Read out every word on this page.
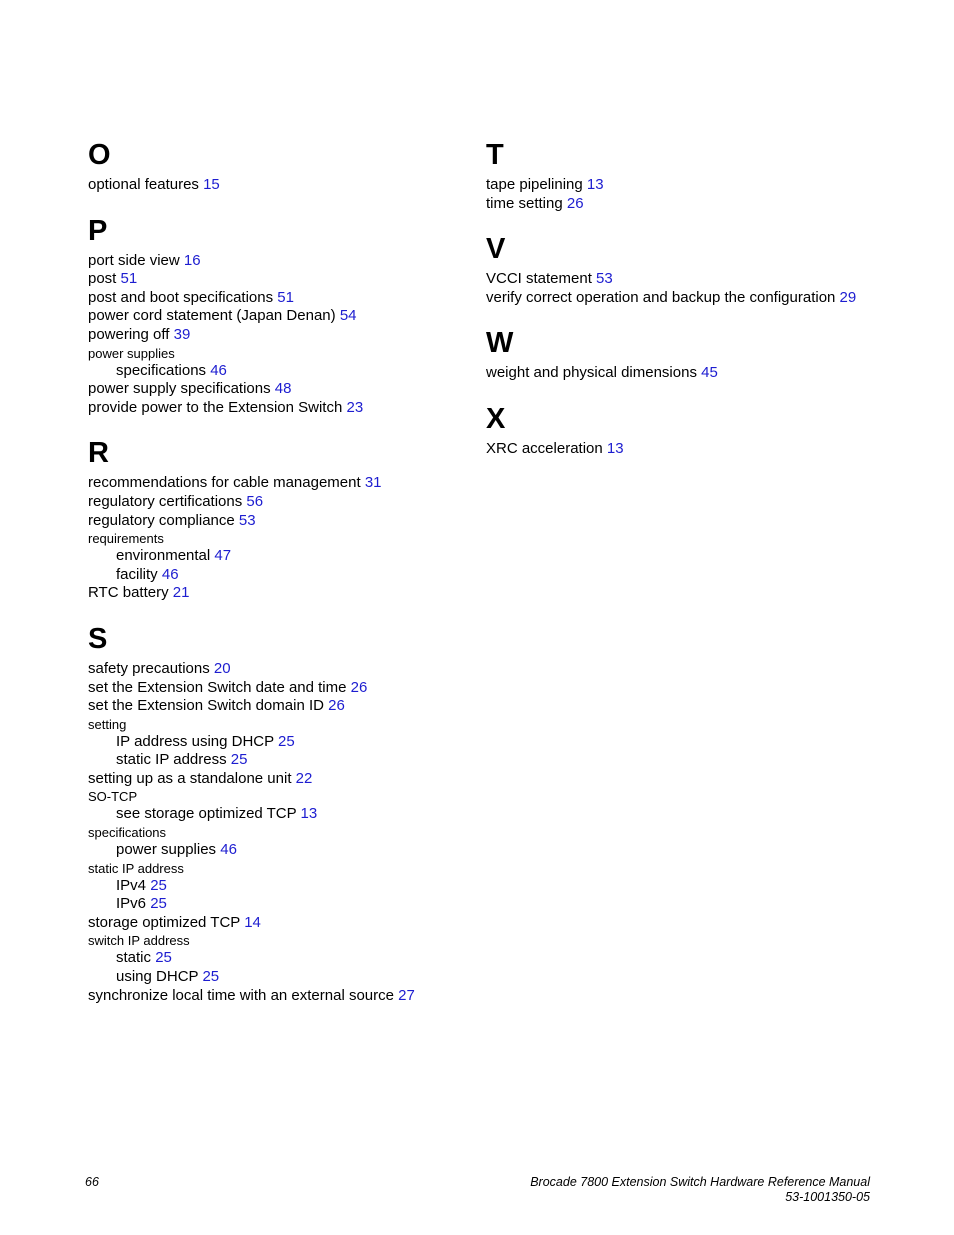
O
optional features 15
P
port side view 16
post 51
post and boot specifications 51
power cord statement (Japan Denan) 54
powering off 39
power supplies
specifications 46
power supply specifications 48
provide power to the Extension Switch 23
R
recommendations for cable management 31
regulatory certifications 56
regulatory compliance 53
requirements
environmental 47
facility 46
RTC battery 21
S
safety precautions 20
set the Extension Switch date and time 26
set the Extension Switch domain ID 26
setting
IP address using DHCP 25
static IP address 25
setting up as a standalone unit 22
SO-TCP
see storage optimized TCP 13
specifications
power supplies 46
static IP address
IPv4 25
IPv6 25
storage optimized TCP 14
switch IP address
static 25
using DHCP 25
synchronize local time with an external source 27
T
tape pipelining 13
time setting 26
V
VCCI statement 53
verify correct operation and backup the configuration 29
W
weight and physical dimensions 45
X
XRC acceleration 13
66	Brocade 7800 Extension Switch Hardware Reference Manual
53-1001350-05
